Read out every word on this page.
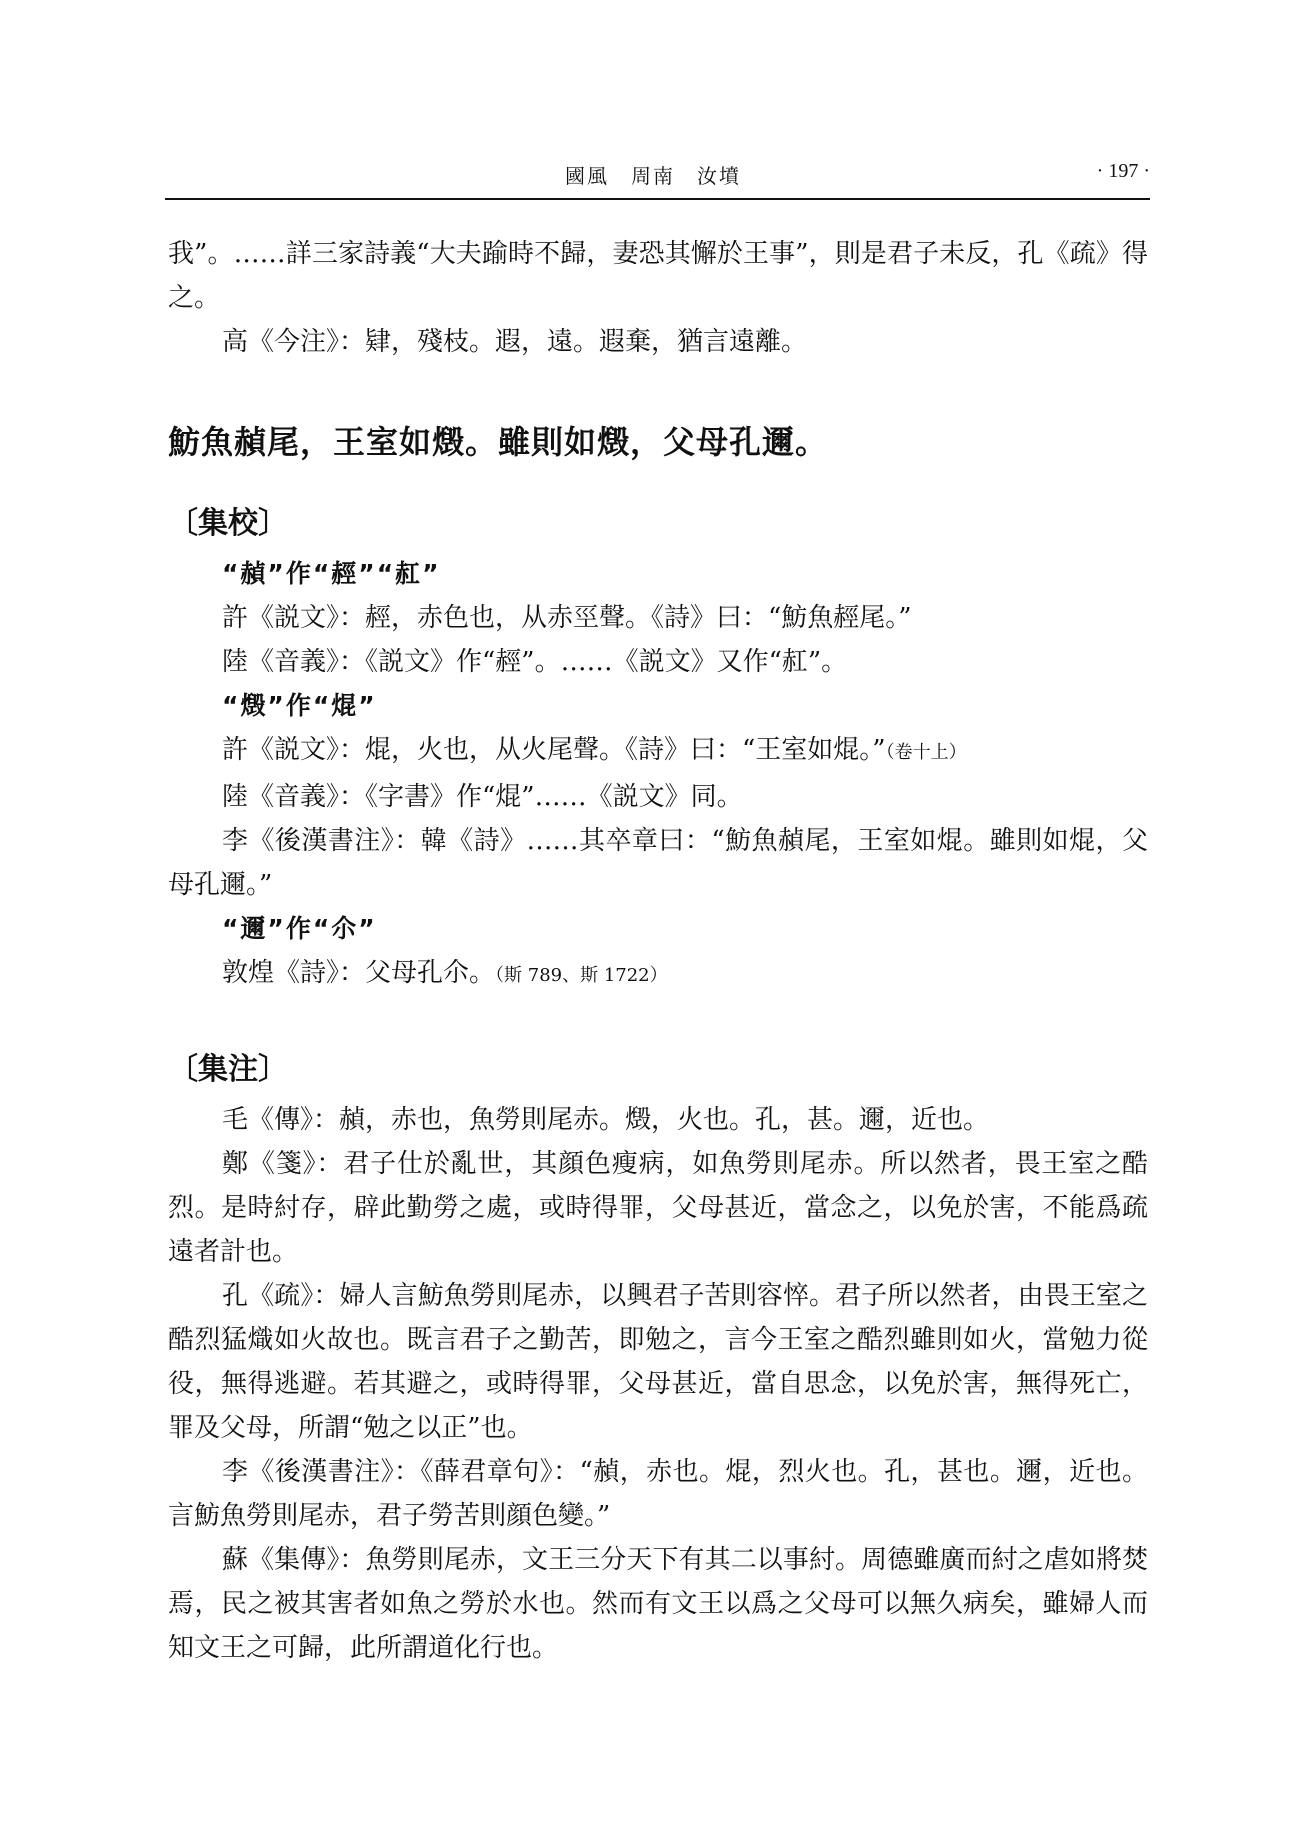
國風　周南　汝墳	· 197 ·

我”。……詳三家詩義“大夫踰時不歸，妻恐其懈於王事”，則是君子未反，孔《疏》得之。

高《今注》：肄，殘枝。遐，遠。遐棄，猶言遠離。

魴魚赬尾，王室如燬。雖則如燬，父母孔邇。

〔集校〕

“赬”作“䞓”“䞑”

許《説文》：䞓，赤色也，从赤巠聲。《詩》曰：“魴魚䞓尾。”

陸《音義》：《説文》作“䞓”。……《説文》又作“䞑”。

“燬”作“焜”

許《説文》：焜，火也，从火尾聲。《詩》曰：“王室如焜。”（卷十上）

陸《音義》：《字書》作“焜”……《説文》同。

李《後漢書注》：韓《詩》……其卒章曰：“魴魚赬尾，王室如焜。雖則如焜，父母孔邇。”

“邇”作“尒”

敦煌《詩》：父母孔尒。（斯 789、斯 1722）

〔集注〕

毛《傳》：赬，赤也，魚勞則尾赤。燬，火也。孔，甚。邇，近也。

鄭《箋》：君子仕於亂世，其顔色瘦病，如魚勞則尾赤。所以然者，畏王室之酷烈。是時紂存，辟此勤勞之處，或時得罪，父母甚近，當念之，以免於害，不能爲疏遠者計也。

孔《疏》：婦人言魴魚勞則尾赤，以興君子苦則容悴。君子所以然者，由畏王室之酷烈猛熾如火故也。既言君子之勤苦，即勉之，言今王室之酷烈雖則如火，當勉力從役，無得逃避。若其避之，或時得罪，父母甚近，當自思念，以免於害，無得死亡，罪及父母，所謂“勉之以正”也。

李《後漢書注》：《薛君章句》：“赬，赤也。焜，烈火也。孔，甚也。邇，近也。言魴魚勞則尾赤，君子勞苦則顔色變。”

蘇《集傳》：魚勞則尾赤，文王三分天下有其二以事紂。周德雖廣而紂之虐如將焚焉，民之被其害者如魚之勞於水也。然而有文王以爲之父母可以無久病矣，雖婦人而知文王之可歸，此所謂道化行也。
